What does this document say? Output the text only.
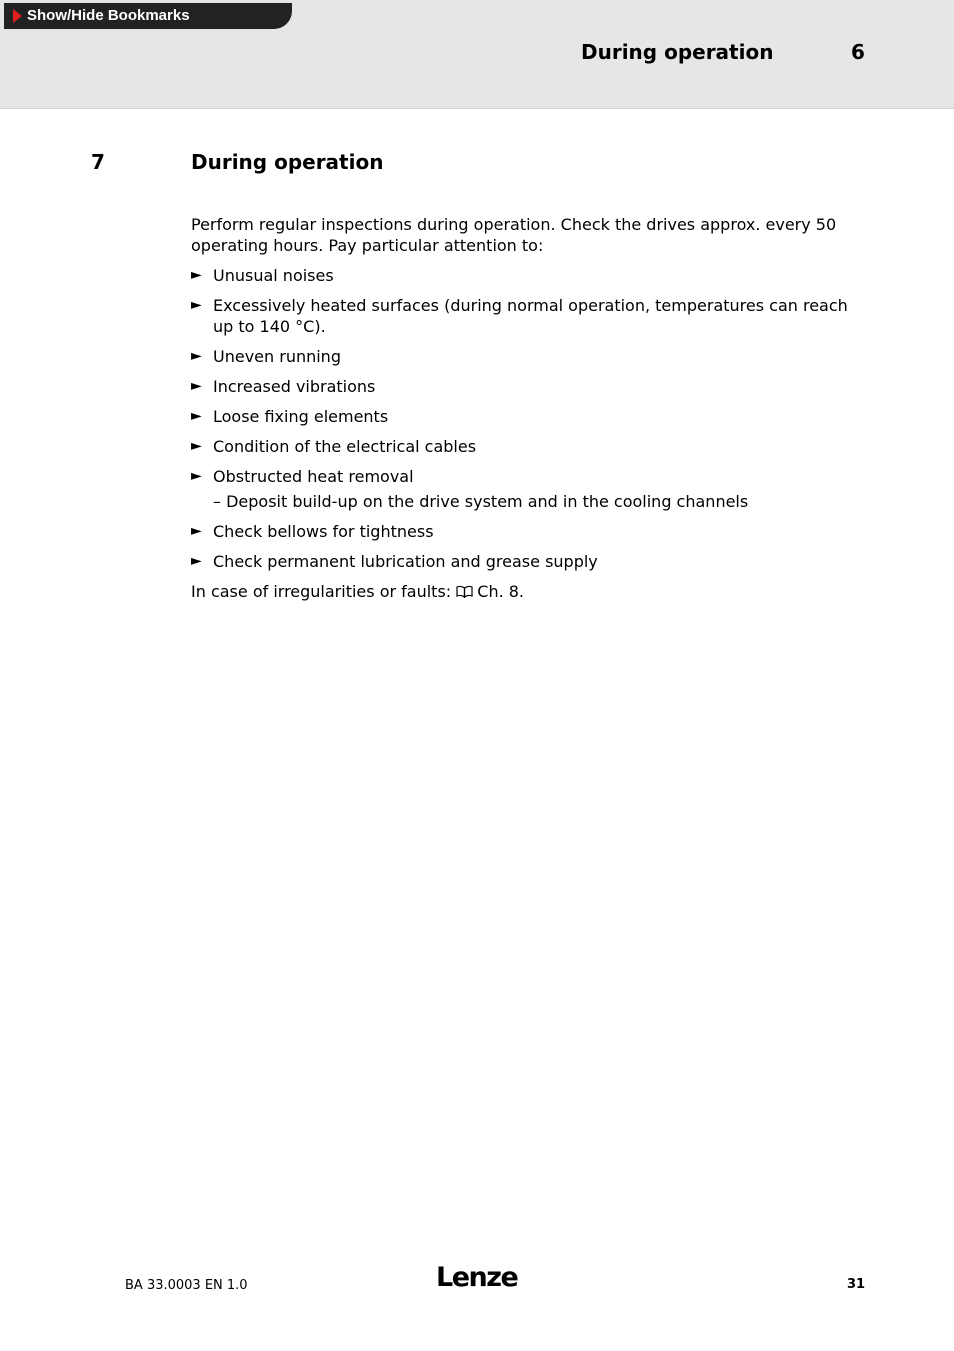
Show/Hide Bookmarks
During operation	6
7	During operation

Perform regular inspections during operation. Check the drives approx. every 50 operating hours. Pay particular attention to:

► Unusual noises
► Excessively heated surfaces (during normal operation, temperatures can reach up to 140 °C).
► Uneven running
► Increased vibrations
► Loose fixing elements
► Condition of the electrical cables
► Obstructed heat removal
– Deposit build-up on the drive system and in the cooling channels
► Check bellows for tightness
► Check permanent lubrication and grease supply

In case of irregularities or faults: Ch. 8.

BA 33.0003 EN 1.0	Lenze	31
